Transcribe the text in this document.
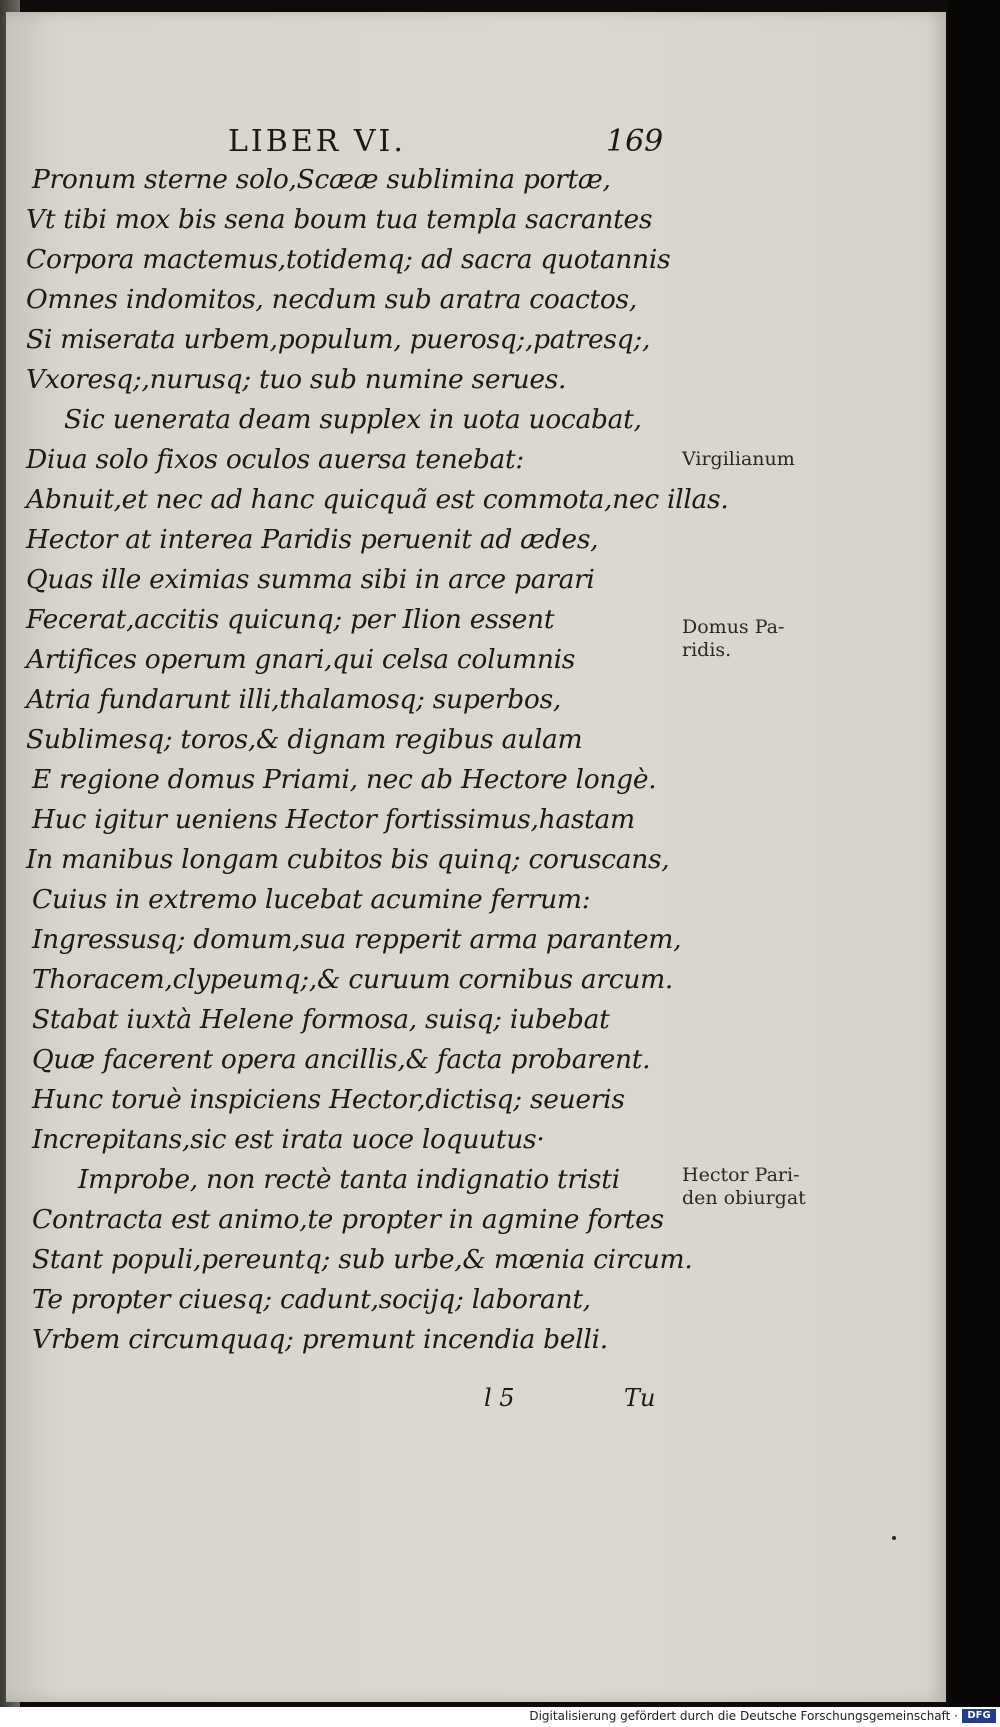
LIBER VI.	169
Pronum sterne solo,Scææ sublimina portæ,
Vt tibi mox bis sena boum tua templa sacrantes
Corpora mactemus,totidemq; ad sacra quotannis
Omnes indomitos, necdum sub aratra coactos,
Si miserata urbem,populum, puerosq;,patresq;,
Vxoresq;,nurusq; tuo sub numine serues.
Sic uenerata deam supplex in uota uocabat,
Diua solo fixos oculos auersa tenebat:
Abnuit,et nec ad hanc quicquã est commota,nec illas.
Hector at interea Paridis peruenit ad ædes,
Quas ille eximias summa sibi in arce parari
Fecerat,accitis quicunq; per Ilion essent
Artifices operum gnari,qui celsa columnis
Atria fundarunt illi,thalamosq; superbos,
Sublimesq; toros,& dignam regibus aulam
E regione domus Priami, nec ab Hectore longè.
Huc igitur ueniens Hector fortissimus,hastam
In manibus longam cubitos bis quinq; coruscans,
Cuius in extremo lucebat acumine ferrum:
Ingressusq; domum,sua repperit arma parantem,
Thoracem,clypeumq;,& curuum cornibus arcum.
Stabat iuxtà Helene formosa, suisq; iubebat
Quæ facerent opera ancillis,& facta probarent.
Hunc toruè inspiciens Hector,dictisq; seueris
Increpitans,sic est irata uoce loquutus·
Improbe, non rectè tanta indignatio tristi
Contracta est animo,te propter in agmine fortes
Stant populi,pereuntq; sub urbe,& mœnia circum.
Te propter ciuesq; cadunt,socijq; laborant,
Vrbem circumquaq; premunt incendia belli.
Virgilianum
Domus Pa-
ridis.
Hector Pari-
den obiurgat
l 5	Tu
Digitalisierung gefördert durch die Deutsche Forschungsgemeinschaft · DFG
